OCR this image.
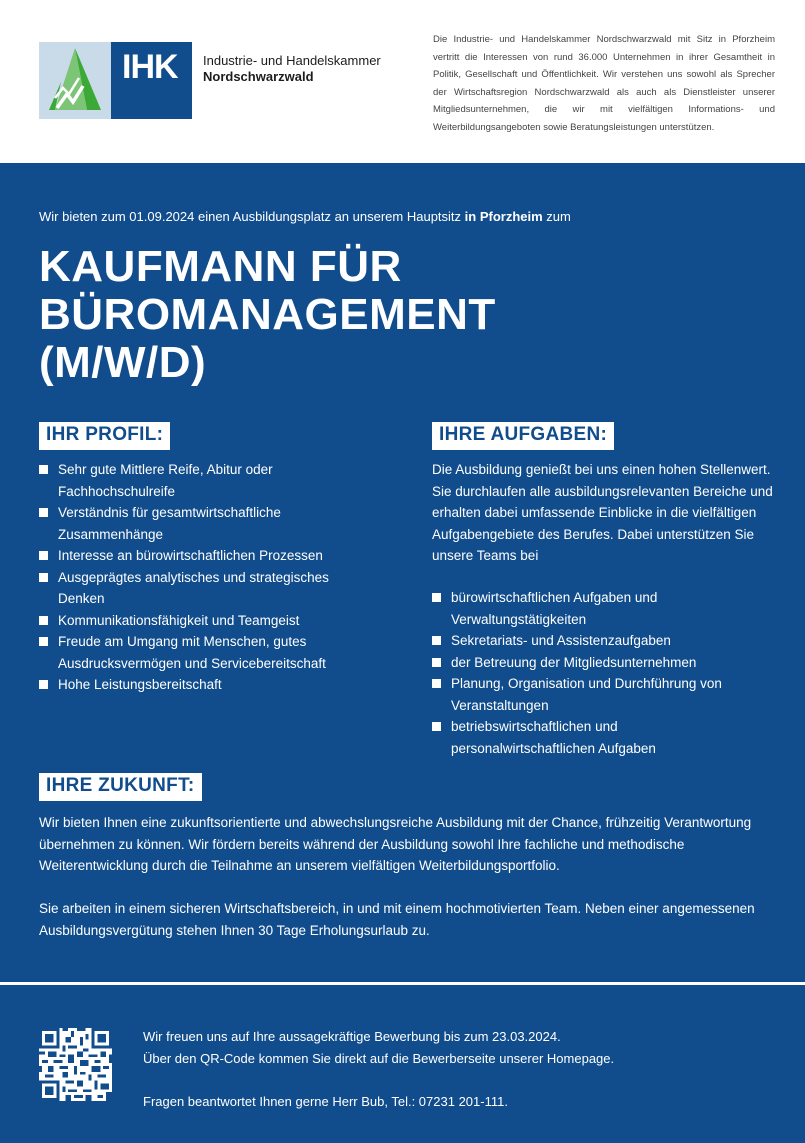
IHK Industrie- und Handelskammer
Nordschwarzwald
Die Industrie- und Handelskammer Nordschwarzwald mit Sitz in Pforzheim vertritt die Interessen von rund 36.000 Unternehmen in ihrer Gesamtheit in Politik, Gesellschaft und Öffentlichkeit. Wir verstehen uns sowohl als Sprecher der Wirtschaftsregion Nordschwarzwald als auch als Dienstleister unserer Mitgliedsunternehmen, die wir mit vielfältigen Informations- und Weiterbildungsangeboten sowie Beratungsleistungen unterstützen.
Wir bieten zum 01.09.2024 einen Ausbildungsplatz an unserem Hauptsitz in Pforzheim zum
KAUFMANN FÜR
BÜROMANAGEMENT
(M/W/D)
IHR PROFIL:
Sehr gute Mittlere Reife, Abitur oder Fachhochschulreife
Verständnis für gesamtwirtschaftliche Zusammenhänge
Interesse an bürowirtschaftlichen Prozessen
Ausgeprägtes analytisches und strategisches Denken
Kommunikationsfähigkeit und Teamgeist
Freude am Umgang mit Menschen, gutes Ausdrucksvermögen und Servicebereitschaft
Hohe Leistungsbereitschaft
IHRE AUFGABEN:

Die Ausbildung genießt bei uns einen hohen Stellenwert. Sie durchlaufen alle ausbildungsrelevanten Bereiche und erhalten dabei umfassende Einblicke in die vielfältigen Aufgabengebiete des Berufes. Dabei unterstützen Sie unsere Teams bei

bürowirtschaftlichen Aufgaben und Verwaltungstätigkeiten
Sekretariats- und Assistenzaufgaben
der Betreuung der Mitgliedsunternehmen
Planung, Organisation und Durchführung von Veranstaltungen
betriebswirtschaftlichen und personalwirtschaftlichen Aufgaben
IHRE ZUKUNFT:

Wir bieten Ihnen eine zukunftsorientierte und abwechslungsreiche Ausbildung mit der Chance, frühzeitig Verantwortung übernehmen zu können. Wir fördern bereits während der Ausbildung sowohl Ihre fachliche und methodische Weiterentwicklung durch die Teilnahme an unserem vielfältigen Weiterbildungsportfolio.

Sie arbeiten in einem sicheren Wirtschaftsbereich, in und mit einem hochmotivierten Team. Neben einer angemessenen Ausbildungsvergütung stehen Ihnen 30 Tage Erholungsurlaub zu.

Wir freuen uns auf Ihre aussagekräftige Bewerbung bis zum 23.03.2024.
Über den QR-Code kommen Sie direkt auf die Bewerberseite unserer Homepage.
Fragen beantwortet Ihnen gerne Herr Bub, Tel.: 07231 201-111.
